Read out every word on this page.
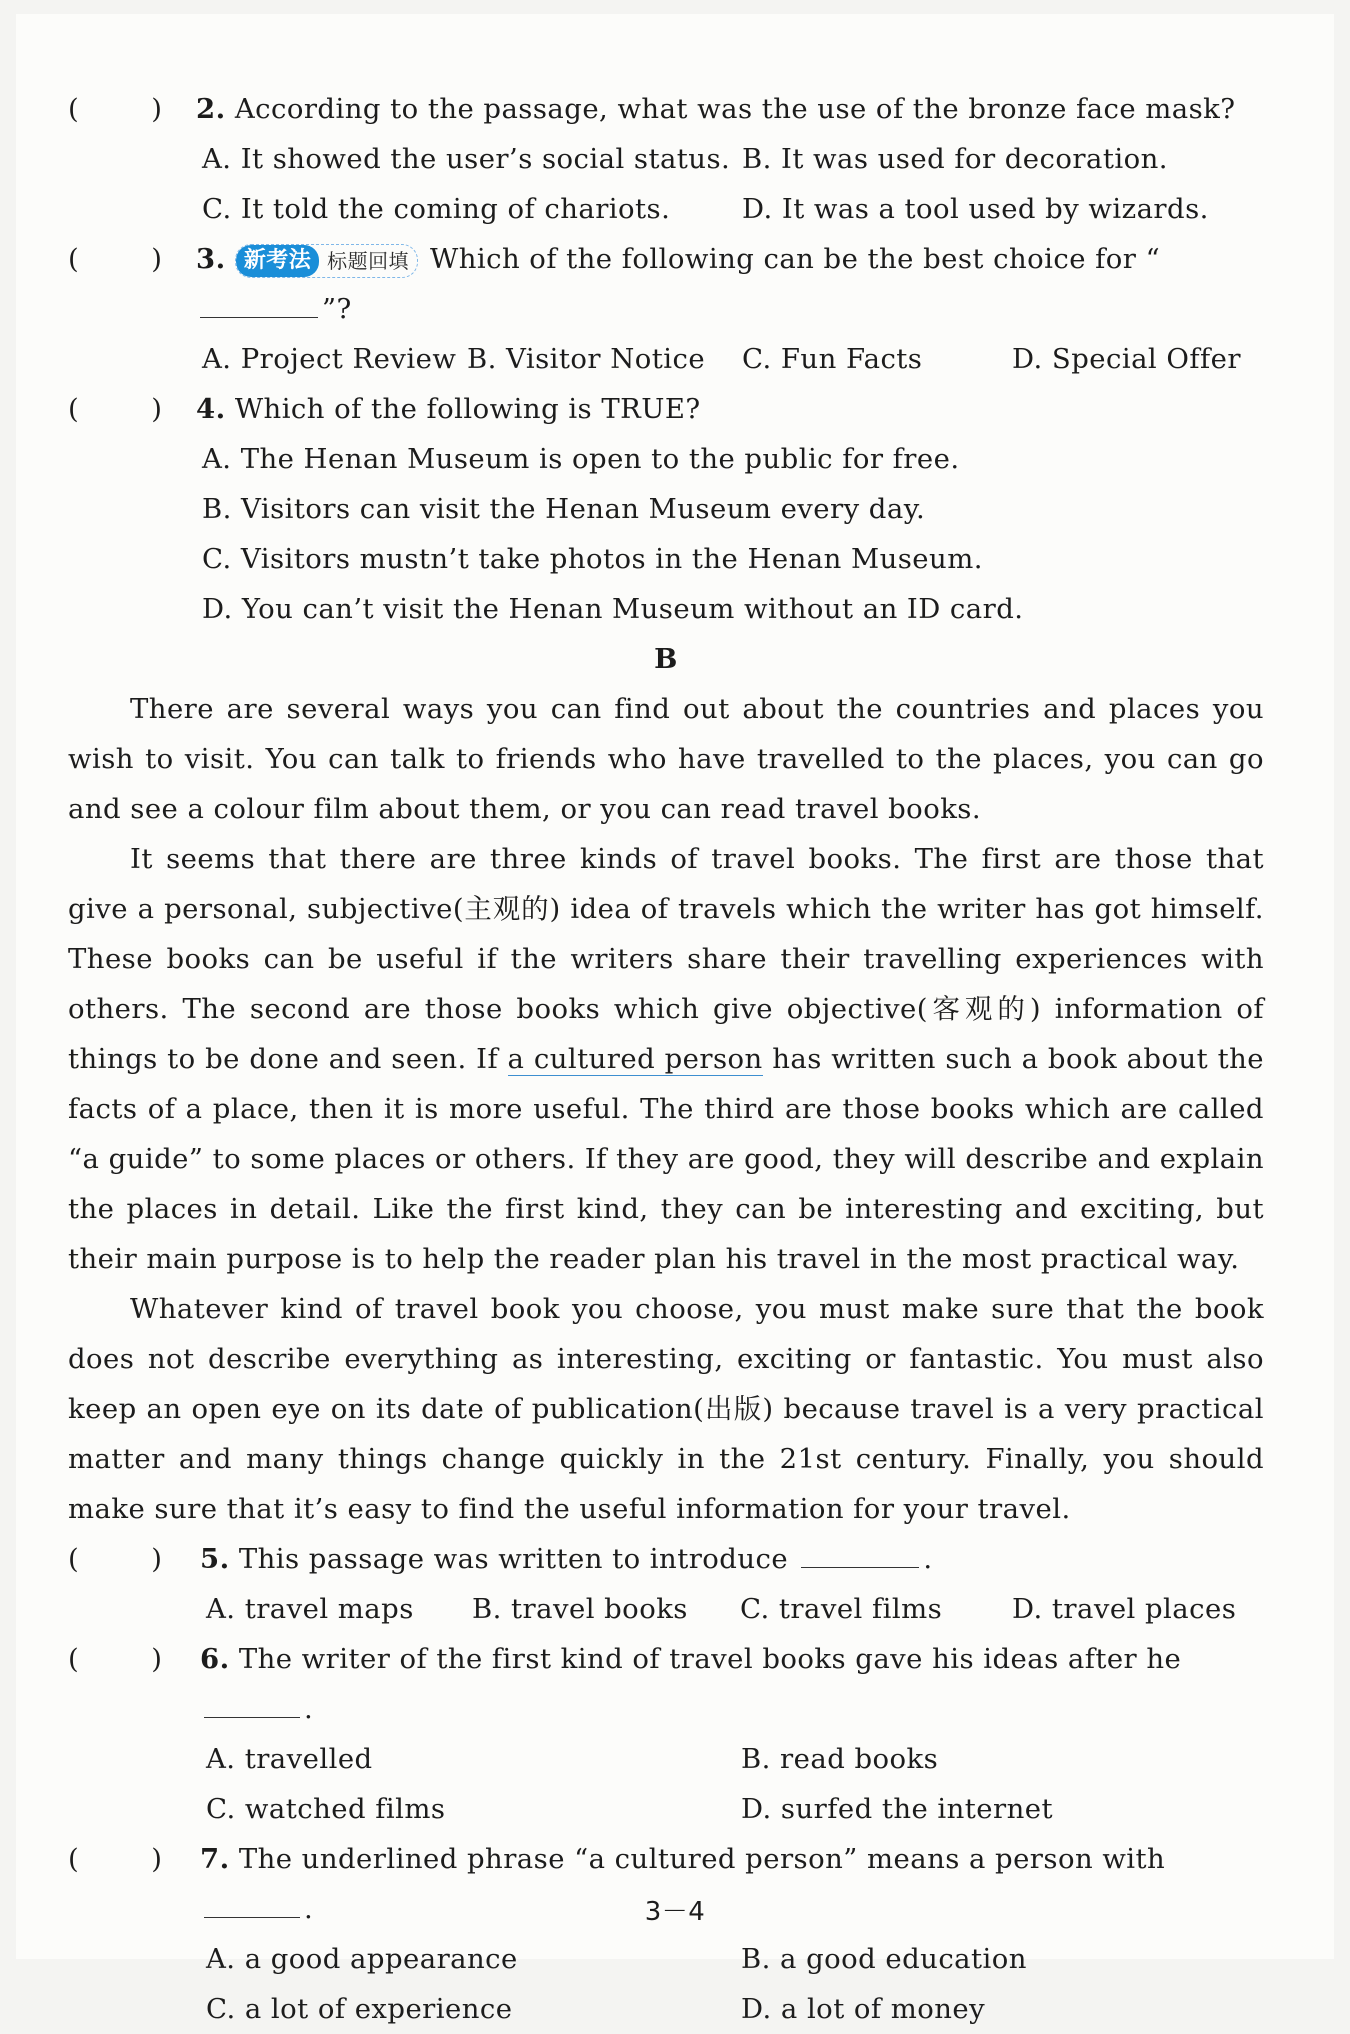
(	)	2. According to the passage, what was the use of the bronze face mask?
A. It showed the user’s social status. B. It was used for decoration.
C. It told the coming of chariots.	D. It was a tool used by wizards.
(	)	3. 新考法 标题回填 Which of the following can be the best choice for “”?
A. Project Review B. Visitor Notice C. Fun Facts	D. Special Offer
(	)	4. Which of the following is TRUE?
A. The Henan Museum is open to the public for free.
B. Visitors can visit the Henan Museum every day.
C. Visitors mustn’t take photos in the Henan Museum.
D. You can’t visit the Henan Museum without an ID card.
B

There are several ways you can find out about the countries and places you wish to visit. You can talk to friends who have travelled to the places, you can go and see a colour film about them, or you can read travel books.

It seems that there are three kinds of travel books. The first are those that give a personal, subjective(主观的) idea of travels which the writer has got himself. These books can be useful if the writers share their travelling experiences with others. The second are those books which give objective(客观的) information of things to be done and seen. If a cultured person has written such a book about the facts of a place, then it is more useful. The third are those books which are called “a guide” to some places or others. If they are good, they will describe and explain the places in detail. Like the first kind, they can be interesting and exciting, but their main purpose is to help the reader plan his travel in the most practical way.

Whatever kind of travel book you choose, you must make sure that the book does not describe everything as interesting, exciting or fantastic. You must also keep an open eye on its date of publication(出版) because travel is a very practical matter and many things change quickly in the 21st century. Finally, you should make sure that it’s easy to find the useful information for your travel.

(	)	5. This passage was written to introduce	.
A. travel maps B. travel books C. travel films	D. travel places
(	)	6. The writer of the first kind of travel books gave his ideas after he .
A. travelled	B. read books
C. watched films	D. surfed the internet
(	)	7. The underlined phrase “a cultured person” means a person with .
A. a good appearance	B. a good education
C. a lot of experience	D. a lot of money
3－4
